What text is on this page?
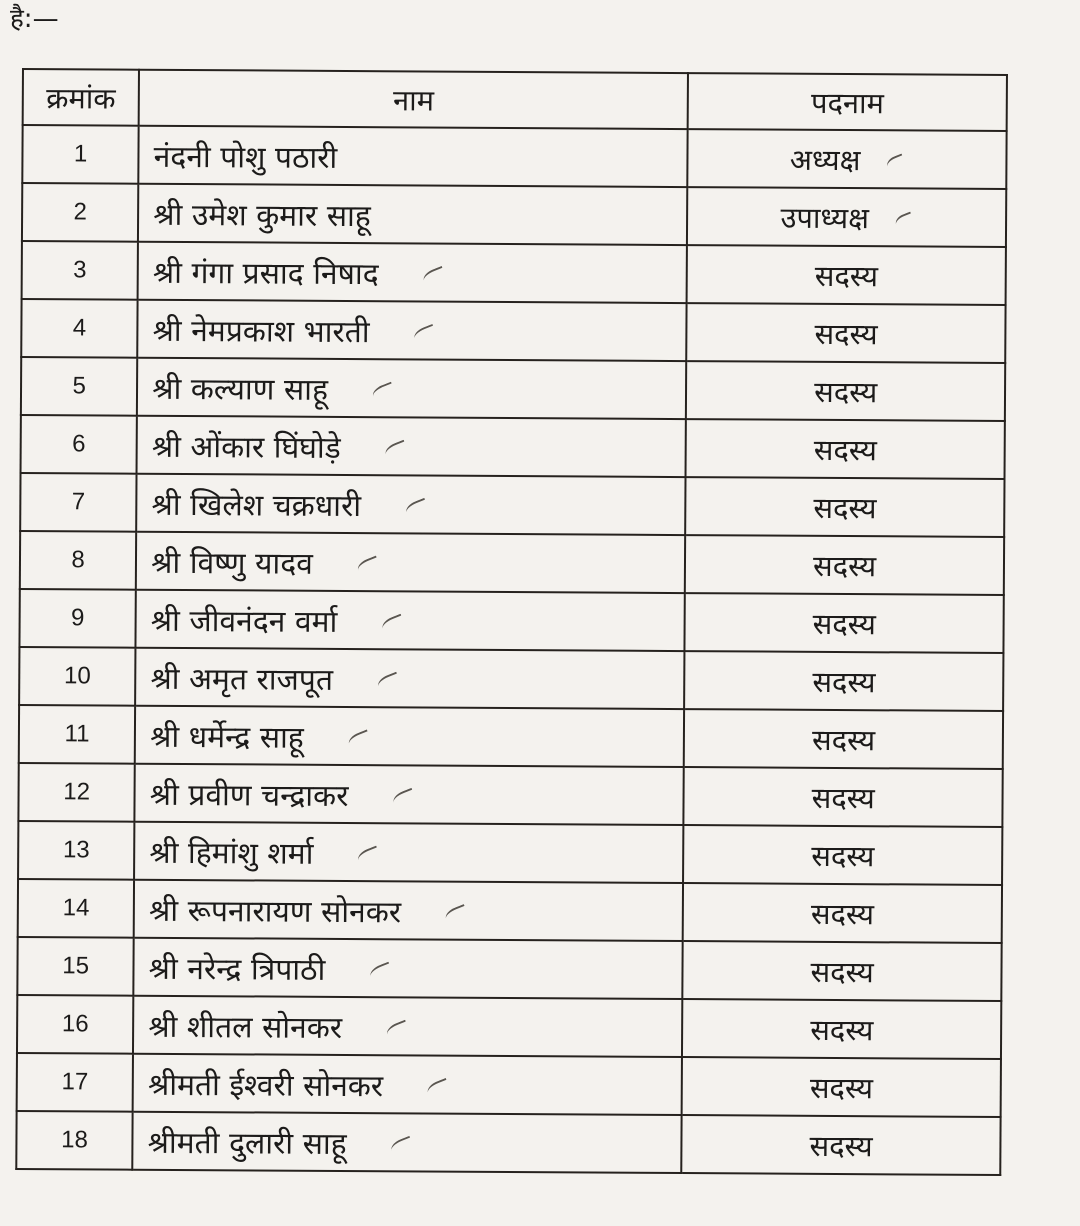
है:—
क्रमांक	नाम	पदनाम
1	नंदनी पोशु पठारी	अध्यक्ष
2	श्री उमेश कुमार साहू	उपाध्यक्ष
3	श्री गंगा प्रसाद निषाद	सदस्य
4	श्री नेमप्रकाश भारती	सदस्य
5	श्री कल्याण साहू	सदस्य
6	श्री ओंकार घिंघोड़े	सदस्य
7	श्री खिलेश चक्रधारी	सदस्य
8	श्री विष्णु यादव	सदस्य
9	श्री जीवनंदन वर्मा	सदस्य
10	श्री अमृत राजपूत	सदस्य
11	श्री धर्मेन्द्र साहू	सदस्य
12	श्री प्रवीण चन्द्राकर	सदस्य
13	श्री हिमांशु शर्मा	सदस्य
14	श्री रूपनारायण सोनकर	सदस्य
15	श्री नरेन्द्र त्रिपाठी	सदस्य
16	श्री शीतल सोनकर	सदस्य
17	श्रीमती ईश्वरी सोनकर	सदस्य
18	श्रीमती दुलारी साहू	सदस्य
